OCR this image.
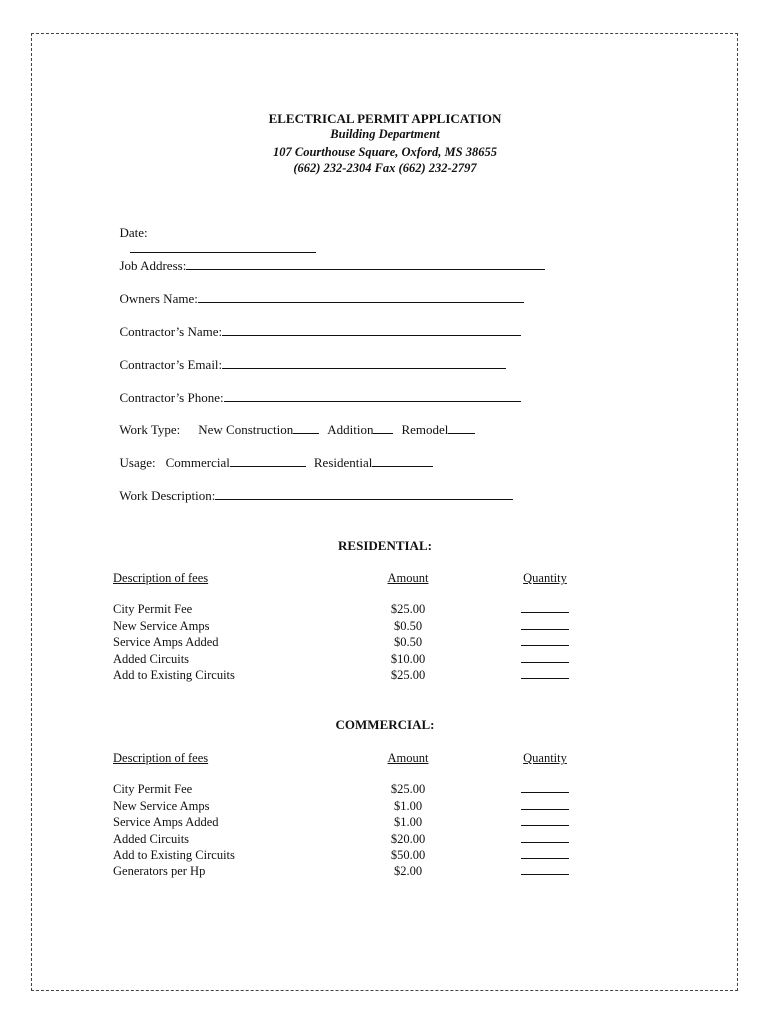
ELECTRICAL PERMIT APPLICATION
Building Department
107 Courthouse Square, Oxford, MS 38655
(662) 232-2304 Fax (662) 232-2797

Date:

Job Address:

Owners Name:

Contractor’s Name:

Contractor’s Email:

Contractor’s Phone:

Work Type: New Construction	Addition Remodel

Usage: Commercial	Residential

Work Description:

RESIDENTIAL:
Description of fees
City Permit Fee
New Service Amps
Service Amps Added
Added Circuits
Add to Existing Circuits
Amount
$25.00
$0.50
$0.50
$10.00
$25.00
Quantity
COMMERCIAL:
Description of fees
City Permit Fee
New Service Amps
Service Amps Added
Added Circuits
Add to Existing Circuits
Generators per Hp
Amount
$25.00
$1.00
$1.00
$20.00
$50.00
$2.00
Quantity
